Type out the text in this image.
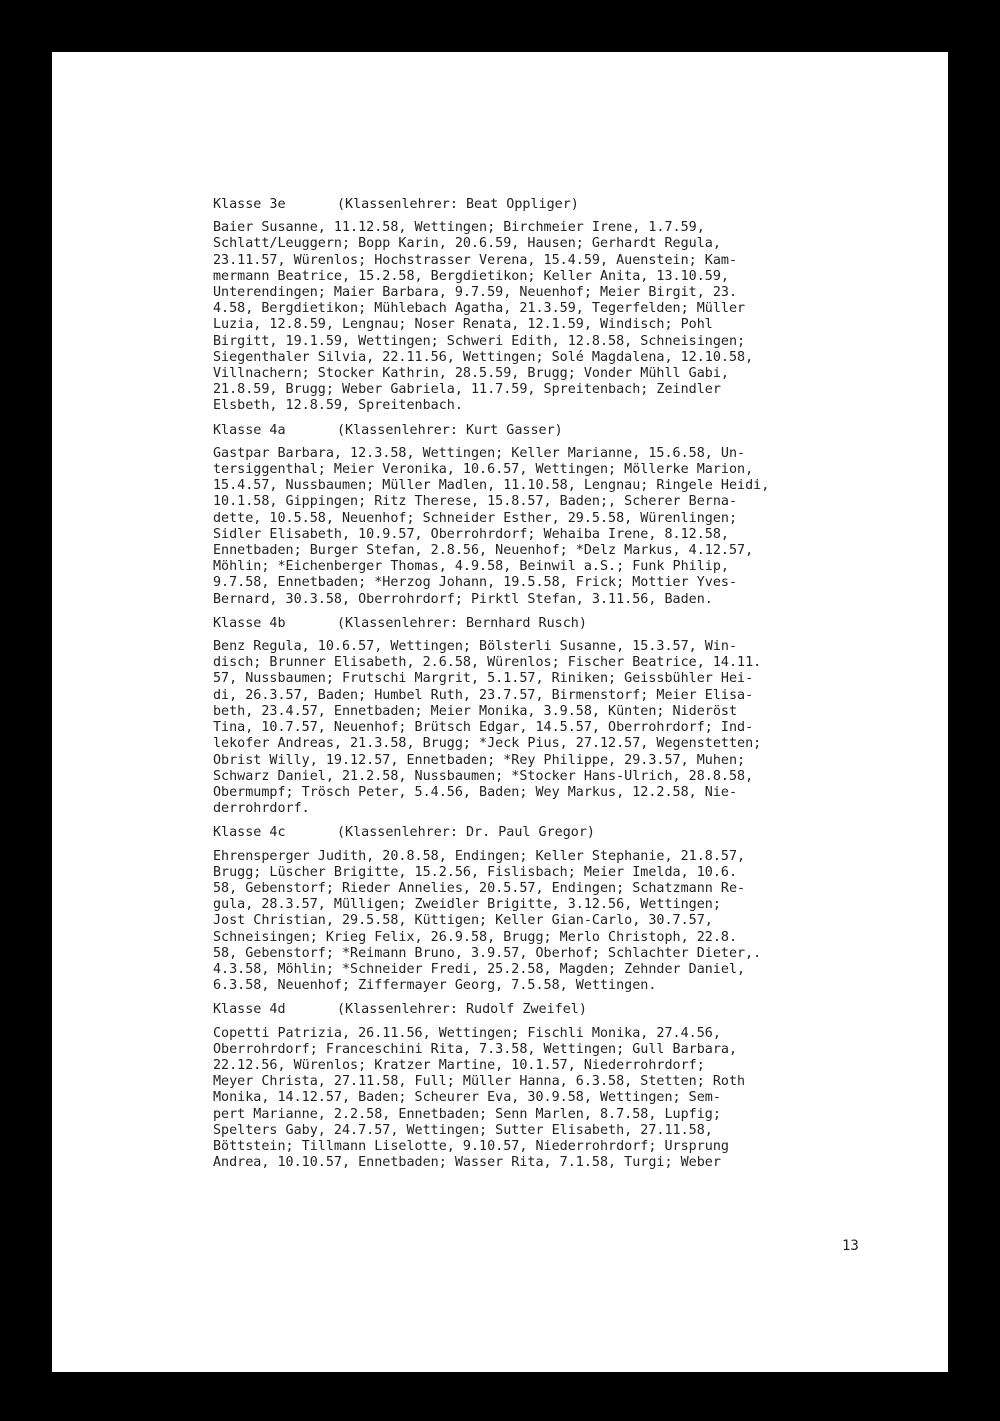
Klasse 3e	(Klassenlehrer: Beat Oppliger)

Baier Susanne, 11.12.58, Wettingen; Birchmeier Irene, 1.7.59,

Schlatt/Leuggern; Bopp Karin, 20.6.59, Hausen; Gerhardt Regula,

23.11.57, Würenlos; Hochstrasser Verena, 15.4.59, Auenstein; Kam-

mermann Beatrice, 15.2.58, Bergdietikon; Keller Anita, 13.10.59,

Unterendingen; Maier Barbara, 9.7.59, Neuenhof; Meier Birgit, 23.

4.58, Bergdietikon; Mühlebach Agatha, 21.3.59, Tegerfelden; Müller

Luzia, 12.8.59, Lengnau; Noser Renata, 12.1.59, Windisch; Pohl

Birgitt, 19.1.59, Wettingen; Schweri Edith, 12.8.58, Schneisingen;

Siegenthaler Silvia, 22.11.56, Wettingen; Solé Magdalena, 12.10.58,

Villnachern; Stocker Kathrin, 28.5.59, Brugg; Vonder Mühll Gabi,

21.8.59, Brugg; Weber Gabriela, 11.7.59, Spreitenbach; Zeindler

Elsbeth, 12.8.59, Spreitenbach.

Klasse 4a	(Klassenlehrer: Kurt Gasser)

Gastpar Barbara, 12.3.58, Wettingen; Keller Marianne, 15.6.58, Un-

tersiggenthal; Meier Veronika, 10.6.57, Wettingen; Möllerke Marion,

15.4.57, Nussbaumen; Müller Madlen, 11.10.58, Lengnau; Ringele Heidi,

10.1.58, Gippingen; Ritz Therese, 15.8.57, Baden;, Scherer Berna-

dette, 10.5.58, Neuenhof; Schneider Esther, 29.5.58, Würenlingen;

Sidler Elisabeth, 10.9.57, Oberrohrdorf; Wehaiba Irene, 8.12.58,

Ennetbaden; Burger Stefan, 2.8.56, Neuenhof; *Delz Markus, 4.12.57,

Möhlin; *Eichenberger Thomas, 4.9.58, Beinwil a.S.; Funk Philip,

9.7.58, Ennetbaden; *Herzog Johann, 19.5.58, Frick; Mottier Yves-

Bernard, 30.3.58, Oberrohrdorf; Pirktl Stefan, 3.11.56, Baden.

Klasse 4b	(Klassenlehrer: Bernhard Rusch)

Benz Regula, 10.6.57, Wettingen; Bölsterli Susanne, 15.3.57, Win-

disch; Brunner Elisabeth, 2.6.58, Würenlos; Fischer Beatrice, 14.11.

57, Nussbaumen; Frutschi Margrit, 5.1.57, Riniken; Geissbühler Hei-

di, 26.3.57, Baden; Humbel Ruth, 23.7.57, Birmenstorf; Meier Elisa-

beth, 23.4.57, Ennetbaden; Meier Monika, 3.9.58, Künten; Nideröst

Tina, 10.7.57, Neuenhof; Brütsch Edgar, 14.5.57, Oberrohrdorf; Ind-

lekofer Andreas, 21.3.58, Brugg; *Jeck Pius, 27.12.57, Wegenstetten;

Obrist Willy, 19.12.57, Ennetbaden; *Rey Philippe, 29.3.57, Muhen;

Schwarz Daniel, 21.2.58, Nussbaumen; *Stocker Hans-Ulrich, 28.8.58,

Obermumpf; Trösch Peter, 5.4.56, Baden; Wey Markus, 12.2.58, Nie-

derrohrdorf.

Klasse 4c	(Klassenlehrer: Dr. Paul Gregor)

Ehrensperger Judith, 20.8.58, Endingen; Keller Stephanie, 21.8.57,

Brugg; Lüscher Brigitte, 15.2.56, Fislisbach; Meier Imelda, 10.6.

58, Gebenstorf; Rieder Annelies, 20.5.57, Endingen; Schatzmann Re-

gula, 28.3.57, Mülligen; Zweidler Brigitte, 3.12.56, Wettingen;

Jost Christian, 29.5.58, Küttigen; Keller Gian-Carlo, 30.7.57,

Schneisingen; Krieg Felix, 26.9.58, Brugg; Merlo Christoph, 22.8.

58, Gebenstorf; *Reimann Bruno, 3.9.57, Oberhof; Schlachter Dieter,.

4.3.58, Möhlin; *Schneider Fredi, 25.2.58, Magden; Zehnder Daniel,

6.3.58, Neuenhof; Ziffermayer Georg, 7.5.58, Wettingen.

Klasse 4d	(Klassenlehrer: Rudolf Zweifel)

Copetti Patrizia, 26.11.56, Wettingen; Fischli Monika, 27.4.56,

Oberrohrdorf; Franceschini Rita, 7.3.58, Wettingen; Gull Barbara,

22.12.56, Würenlos; Kratzer Martine, 10.1.57, Niederrohrdorf;

Meyer Christa, 27.11.58, Full; Müller Hanna, 6.3.58, Stetten; Roth

Monika, 14.12.57, Baden; Scheurer Eva, 30.9.58, Wettingen; Sem-

pert Marianne, 2.2.58, Ennetbaden; Senn Marlen, 8.7.58, Lupfig;

Spelters Gaby, 24.7.57, Wettingen; Sutter Elisabeth, 27.11.58,

Böttstein; Tillmann Liselotte, 9.10.57, Niederrohrdorf; Ursprung

Andrea, 10.10.57, Ennetbaden; Wasser Rita, 7.1.58, Turgi; Weber

13
